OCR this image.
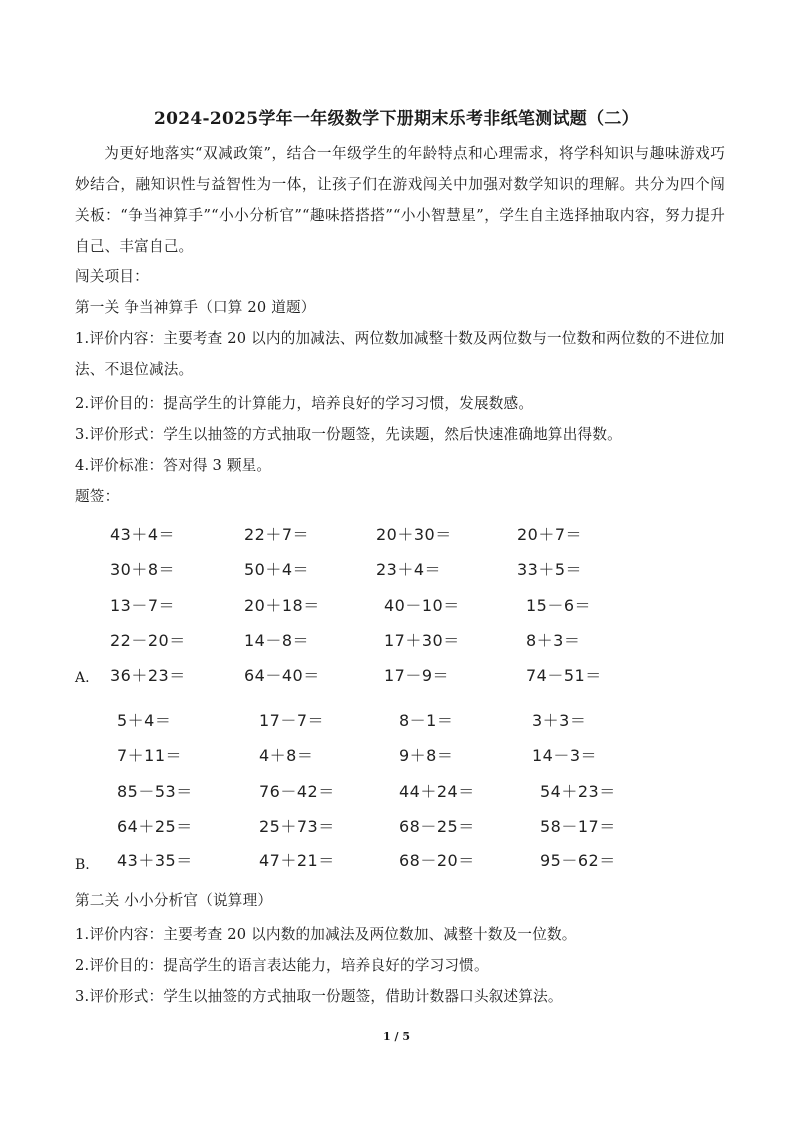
2024-2025学年一年级数学下册期末乐考非纸笔测试题（二）
为更好地落实“双减政策”，结合一年级学生的年龄特点和心理需求，将学科知识与趣味游戏巧妙结合，融知识性与益智性为一体，让孩子们在游戏闯关中加强对数学知识的理解。共分为四个闯关板：“争当神算手”“小小分析官”“趣味搭搭搭”“小小智慧星”，学生自主选择抽取内容，努力提升自己、丰富自己。
闯关项目：
第一关 争当神算手（口算 20 道题）
1.评价内容：主要考查 20 以内的加减法、两位数加减整十数及两位数与一位数和两位数的不进位加法、不退位减法。
2.评价目的：提高学生的计算能力，培养良好的学习习惯，发展数感。
3.评价形式：学生以抽签的方式抽取一份题签，先读题，然后快速准确地算出得数。
4.评价标准：答对得 3 颗星。
题签：
43＋4＝	22＋7＝	20＋30＝	20＋7＝
30＋8＝	50＋4＝	23＋4＝	33＋5＝
13－7＝	20＋18＝	40－10＝	15－6＝
22－20＝	14－8＝	17＋30＝	8＋3＝
36＋23＝	64－40＝	17－9＝	74－51＝
A.
5＋4＝	17－7＝	8－1＝	3＋3＝
7＋11＝	4＋8＝	9＋8＝	14－3＝
85－53＝	76－42＝	44＋24＝	54＋23＝
64＋25＝	25＋73＝	68－25＝	58－17＝
43＋35＝	47＋21＝	68－20＝	95－62＝
B.
第二关 小小分析官（说算理）
1.评价内容：主要考查 20 以内数的加减法及两位数加、减整十数及一位数。
2.评价目的：提高学生的语言表达能力，培养良好的学习习惯。
3.评价形式：学生以抽签的方式抽取一份题签，借助计数器口头叙述算法。
1 / 5
